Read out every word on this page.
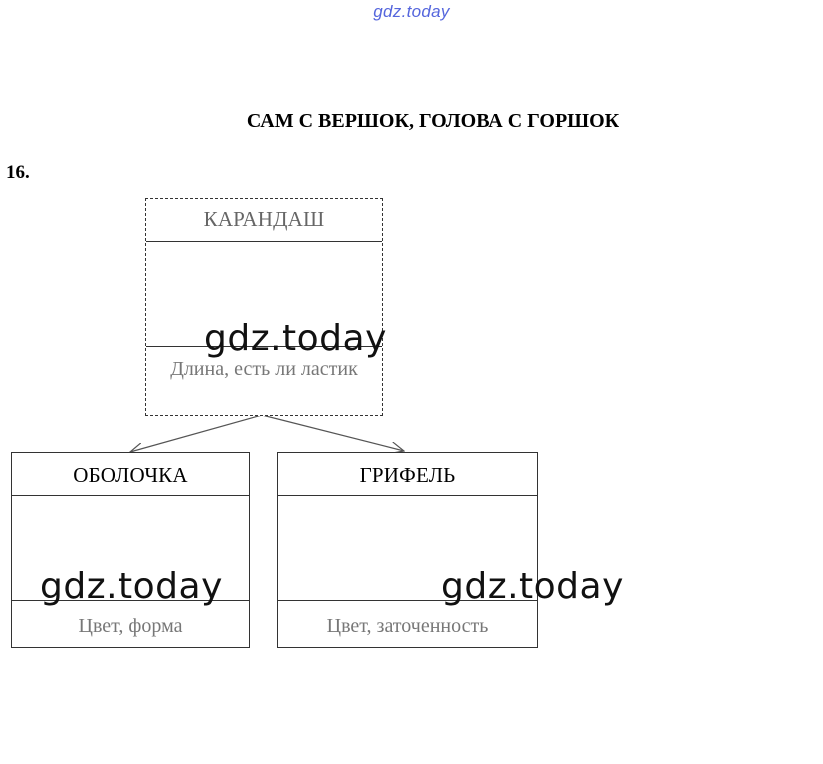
gdz.today
САМ С ВЕРШОК, ГОЛОВА С ГОРШОК
16.
КАРАНДАШ
Длина, есть ли ластик
ОБОЛОЧКА
Цвет, форма
ГРИФЕЛЬ
Цвет, заточенность
gdz.today
gdz.today	gdz.today
